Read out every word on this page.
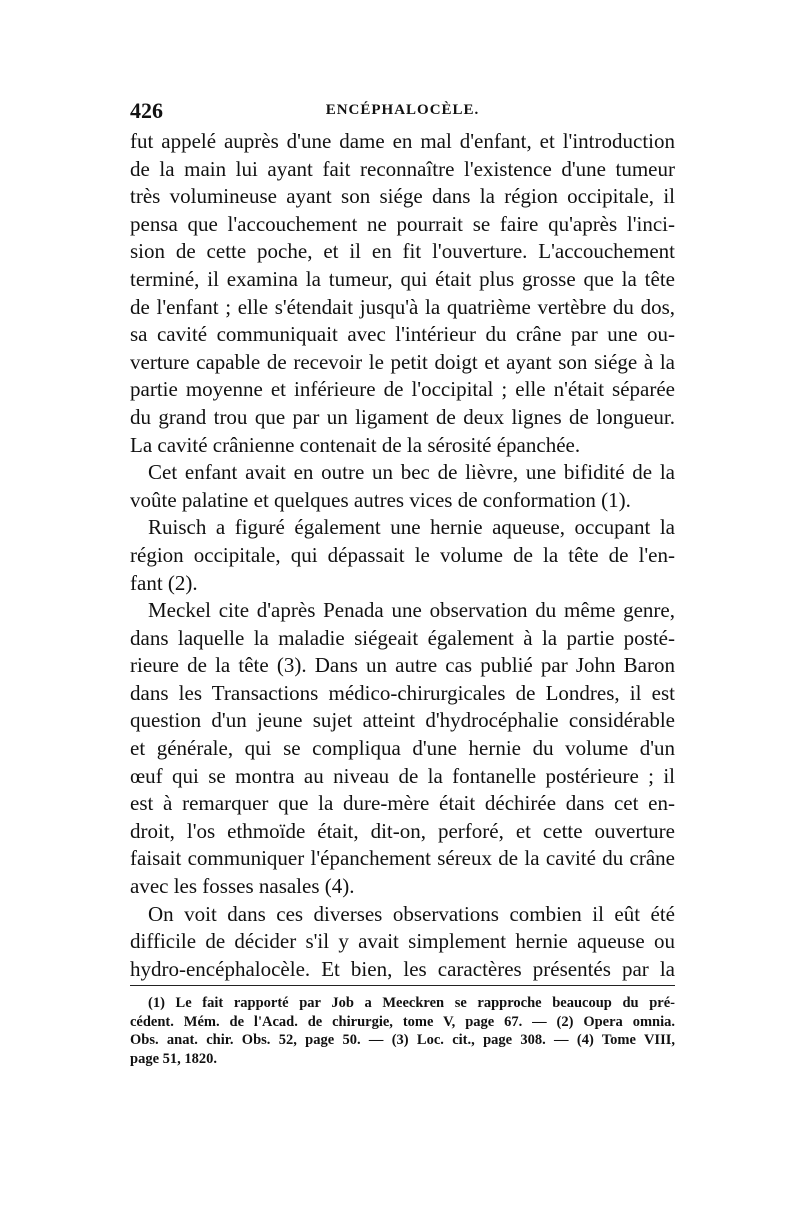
426	ENCÉPHALOCÈLE.
fut appelé auprès d'une dame en mal d'enfant, et l'introduction
de la main lui ayant fait reconnaître l'existence d'une tumeur
très volumineuse ayant son siége dans la région occipitale, il
pensa que l'accouchement ne pourrait se faire qu'après l'inci-
sion de cette poche, et il en fit l'ouverture. L'accouchement
terminé, il examina la tumeur, qui était plus grosse que la tête
de l'enfant ; elle s'étendait jusqu'à la quatrième vertèbre du dos,
sa cavité communiquait avec l'intérieur du crâne par une ou-
verture capable de recevoir le petit doigt et ayant son siége à la
partie moyenne et inférieure de l'occipital ; elle n'était séparée
du grand trou que par un ligament de deux lignes de longueur.
La cavité crânienne contenait de la sérosité épanchée.
Cet enfant avait en outre un bec de lièvre, une bifidité de la
voûte palatine et quelques autres vices de conformation (1).
Ruisch a figuré également une hernie aqueuse, occupant la
région occipitale, qui dépassait le volume de la tête de l'en-
fant (2).
Meckel cite d'après Penada une observation du même genre,
dans laquelle la maladie siégeait également à la partie posté-
rieure de la tête (3). Dans un autre cas publié par John Baron
dans les Transactions médico-chirurgicales de Londres, il est
question d'un jeune sujet atteint d'hydrocéphalie considérable
et générale, qui se compliqua d'une hernie du volume d'un
œuf qui se montra au niveau de la fontanelle postérieure ; il
est à remarquer que la dure-mère était déchirée dans cet en-
droit, l'os ethmoïde était, dit-on, perforé, et cette ouverture
faisait communiquer l'épanchement séreux de la cavité du crâne
avec les fosses nasales (4).
On voit dans ces diverses observations combien il eût été
difficile de décider s'il y avait simplement hernie aqueuse ou
hydro-encéphalocèle. Et bien, les caractères présentés par la
(1) Le fait rapporté par Job a Meeckren se rapproche beaucoup du pré-
cédent. Mém. de l'Acad. de chirurgie, tome V, page 67. — (2) Opera omnia.
Obs. anat. chir. Obs. 52, page 50. — (3) Loc. cit., page 308. — (4) Tome VIII,
page 51, 1820.
